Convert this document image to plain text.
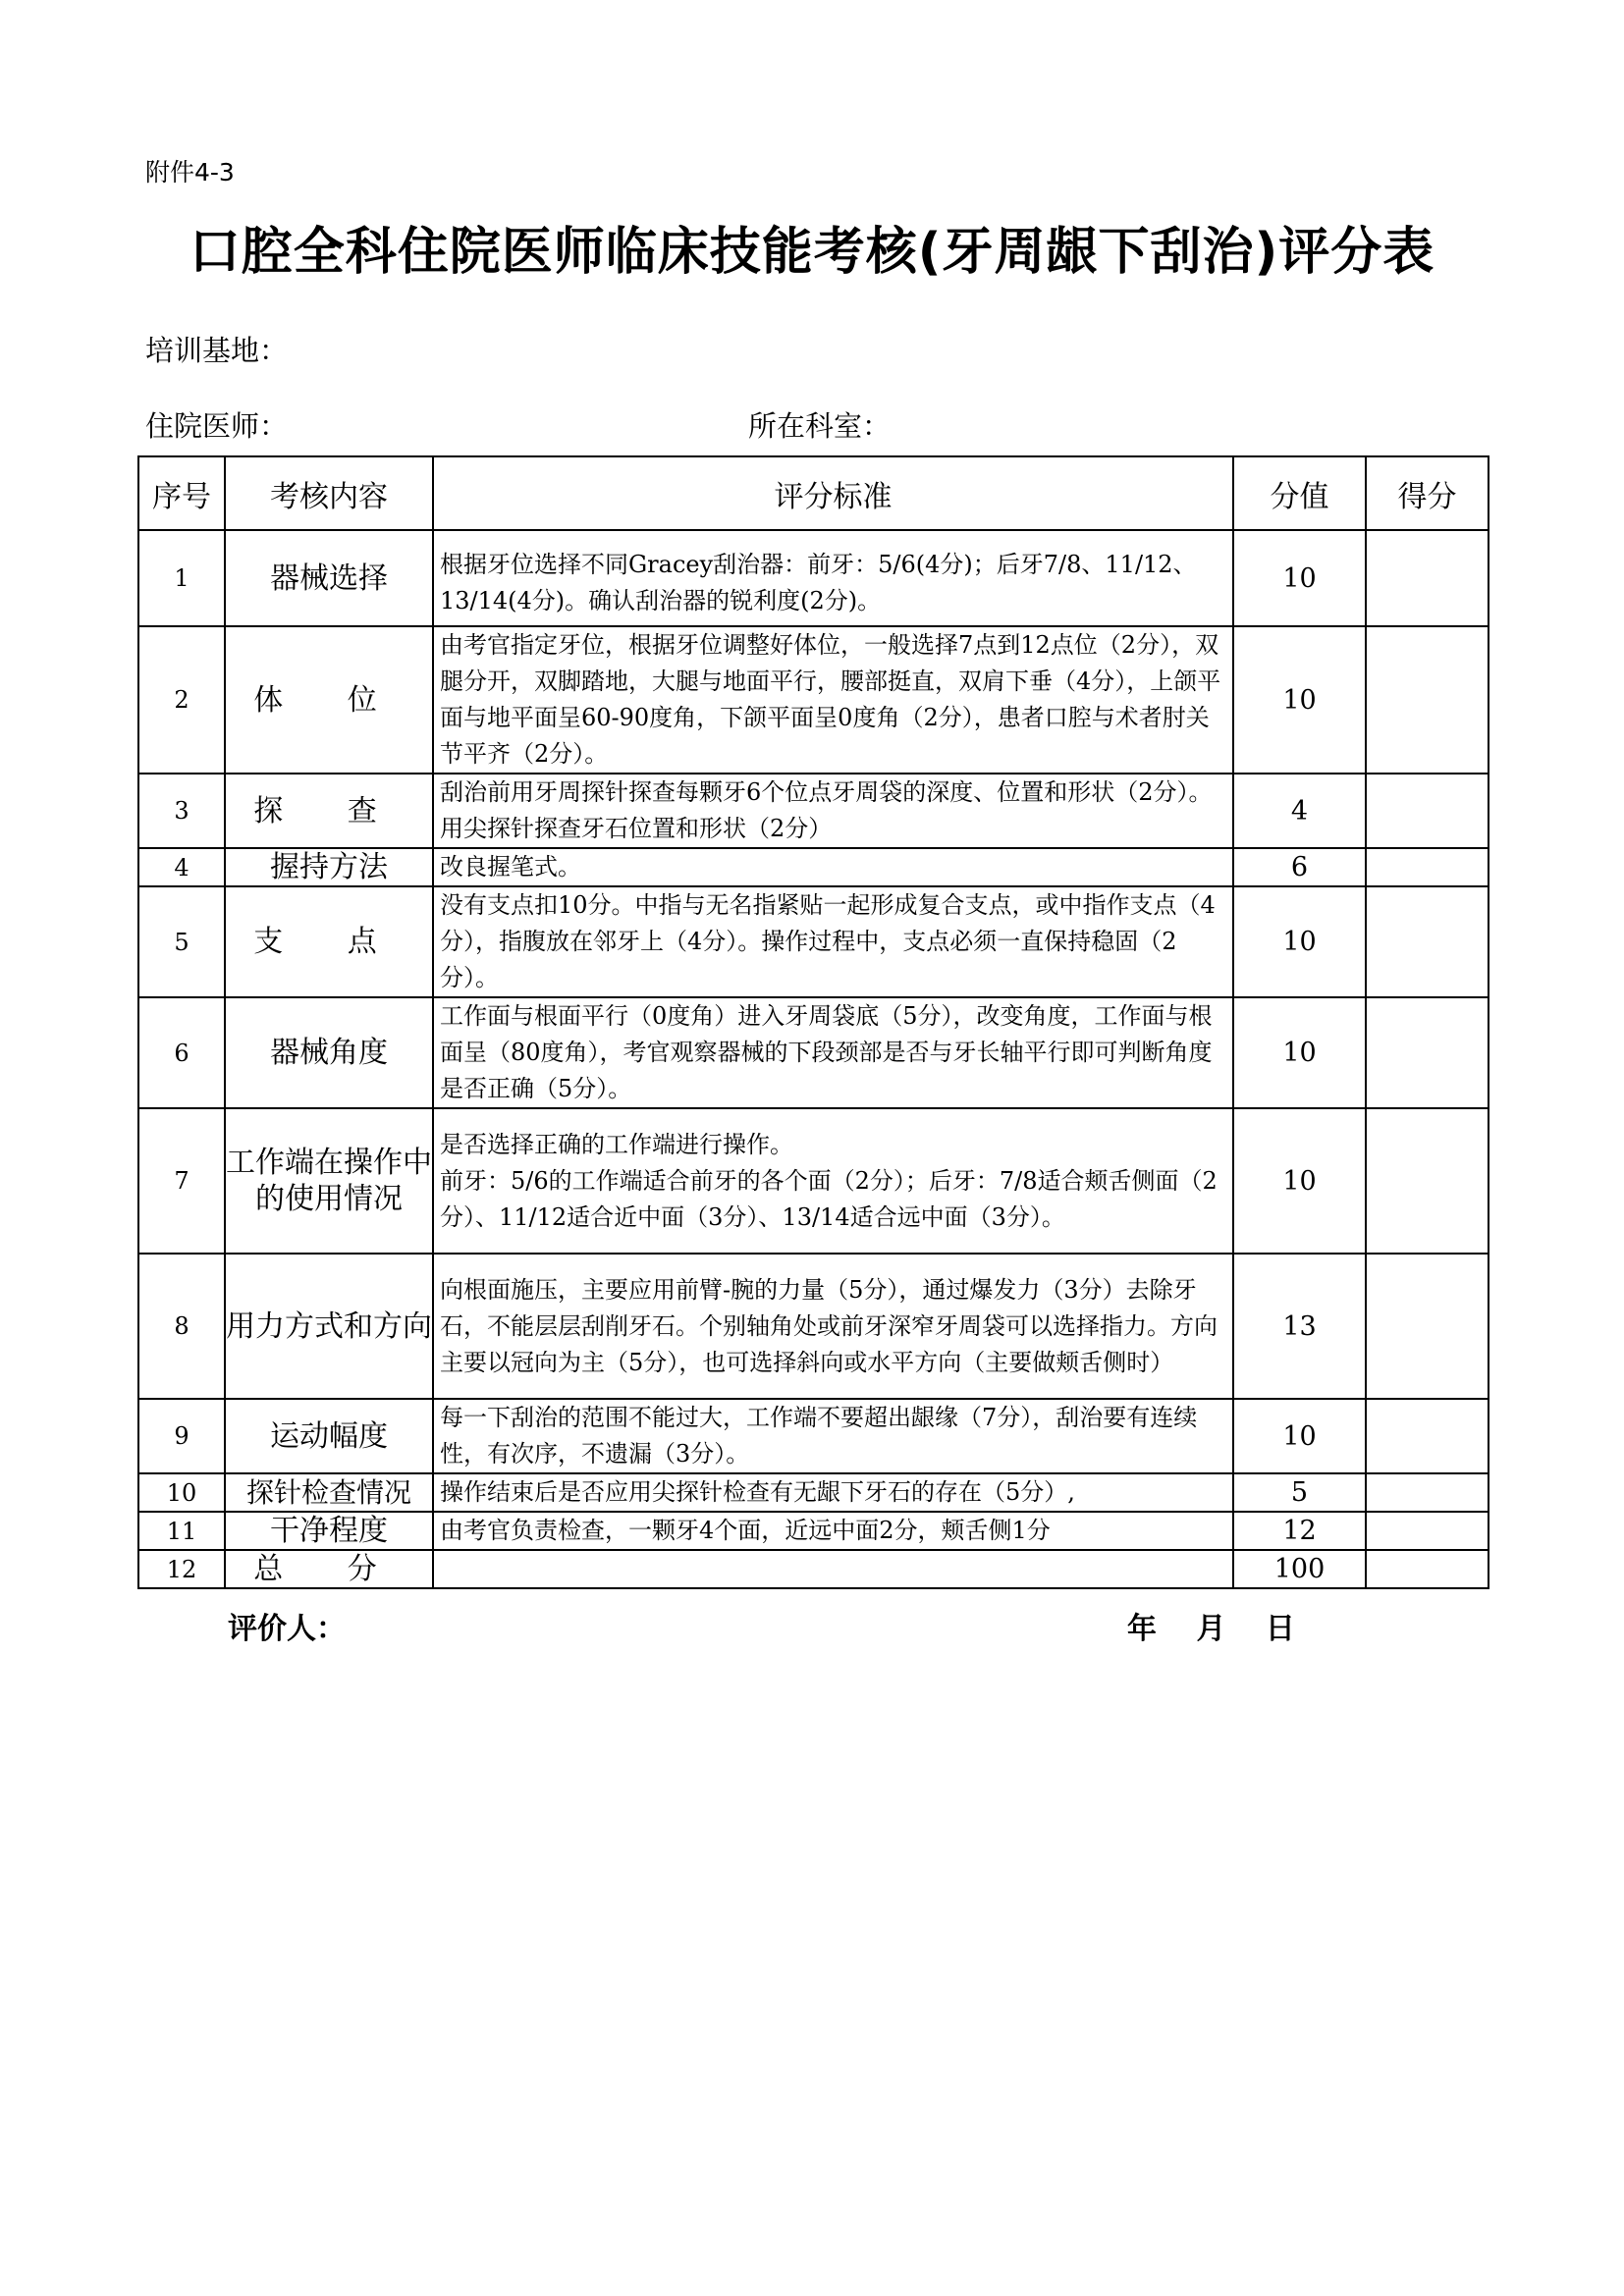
附件4-3
口腔全科住院医师临床技能考核(牙周龈下刮治)评分表
培训基地：
住院医师：	所在科室：
序号	考核内容	评分标准	分值	得分
1	器械选择	根据牙位选择不同Gracey刮治器：前牙：5/6(4分)；后牙7/8、11/12、13/14(4分)。确认刮治器的锐利度(2分)。	10	
2	体 位	由考官指定牙位，根据牙位调整好体位，一般选择7点到12点位（2分），双腿分开，双脚踏地，大腿与地面平行，腰部挺直，双肩下垂（4分），上颌平面与地平面呈60-90度角，下颌平面呈0度角（2分），患者口腔与术者肘关节平齐（2分）。	10	
3	探 查	刮治前用牙周探针探查每颗牙6个位点牙周袋的深度、位置和形状（2分）。用尖探针探查牙石位置和形状（2分）	4	
4	握持方法	改良握笔式。	6	
5	支 点	没有支点扣10分。中指与无名指紧贴一起形成复合支点，或中指作支点（4分），指腹放在邻牙上（4分）。操作过程中，支点必须一直保持稳固（2分）。	10	
6	器械角度	工作面与根面平行（0度角）进入牙周袋底（5分），改变角度，工作面与根面呈（80度角），考官观察器械的下段颈部是否与牙长轴平行即可判断角度是否正确（5分）。	10	
7	工作端在操作中的使用情况	是否选择正确的工作端进行操作。
前牙：5/6的工作端适合前牙的各个面（2分）；后牙：7/8适合颊舌侧面（2分）、11/12适合近中面（3分）、13/14适合远中面（3分）。	10	
8	用力方式和方向	向根面施压，主要应用前臂-腕的力量（5分），通过爆发力（3分）去除牙石，不能层层刮削牙石。个别轴角处或前牙深窄牙周袋可以选择指力。方向主要以冠向为主（5分），也可选择斜向或水平方向（主要做颊舌侧时）	13	
9	运动幅度	每一下刮治的范围不能过大，工作端不要超出龈缘（7分），刮治要有连续性，有次序，不遗漏（3分）。	10	
10	探针检查情况	操作结束后是否应用尖探针检查有无龈下牙石的存在（5分）,	5	
11	干净程度	由考官负责检查，一颗牙4个面，近远中面2分，颊舌侧1分	12	
12	总 分		100	
评价人：	年 月 日
